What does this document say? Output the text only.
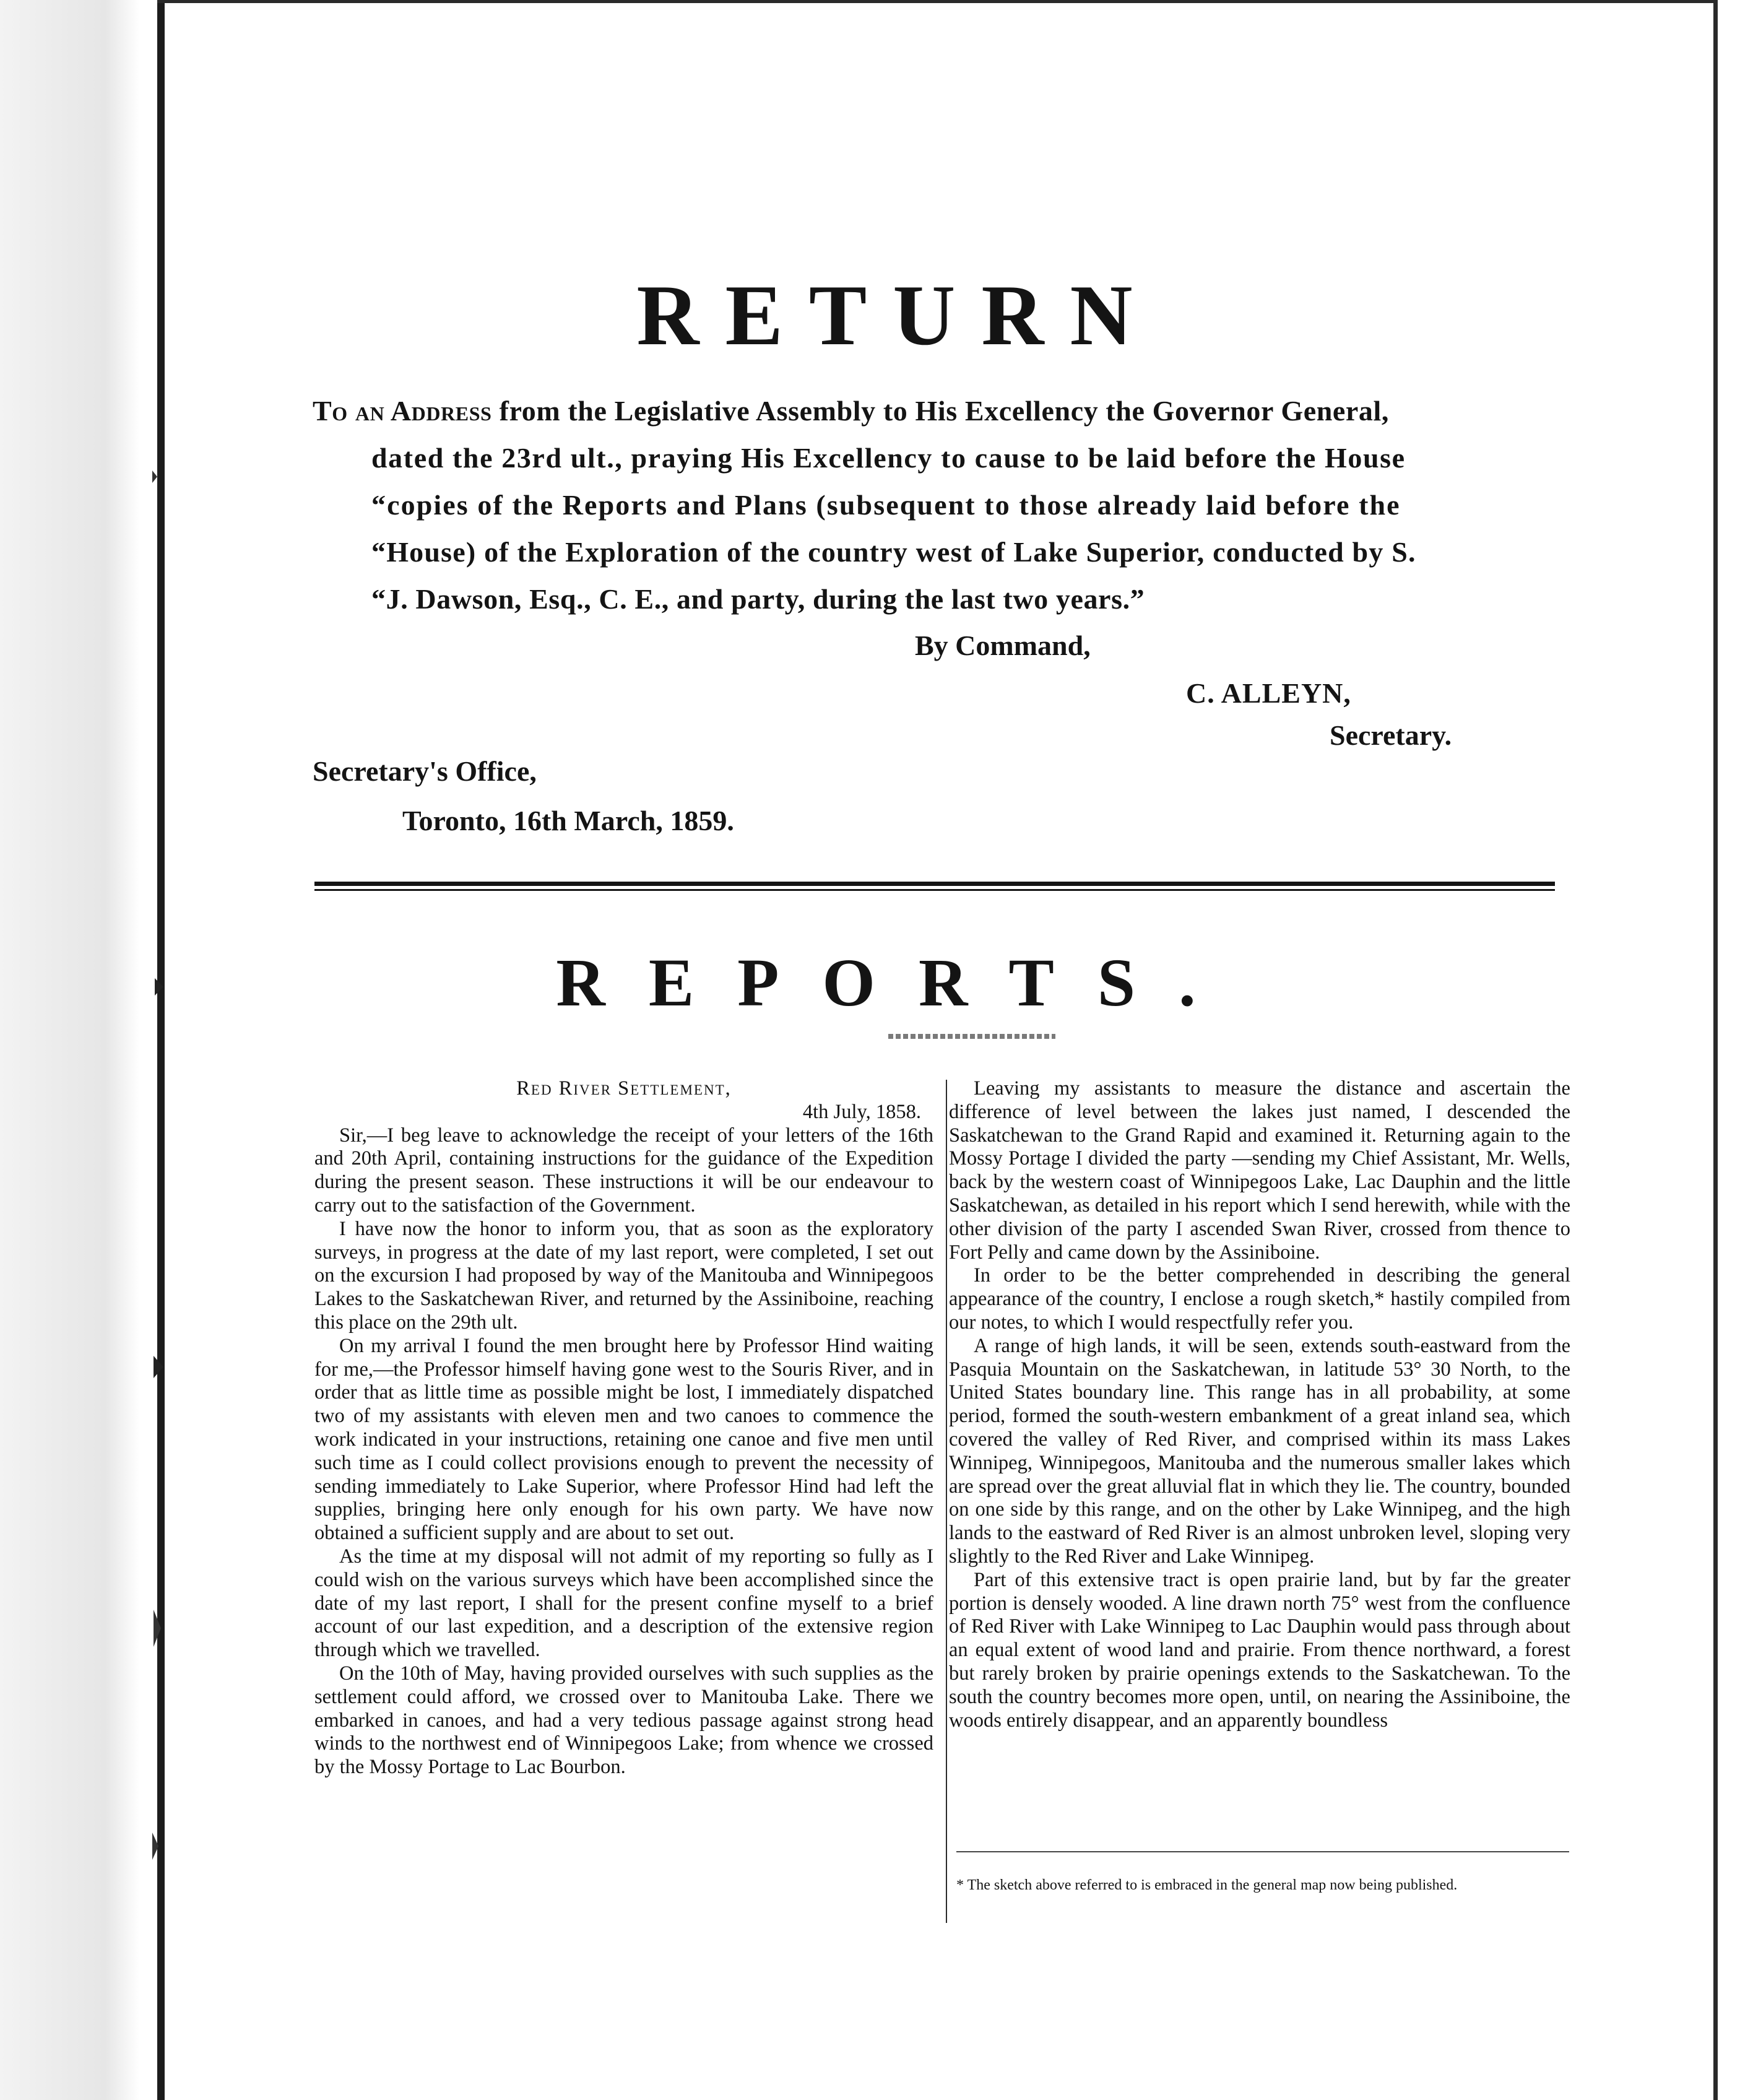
RETURN
To an Address from the Legislative Assembly to His Excellency the Governor General,
dated the 23rd ult., praying His Excellency to cause to be laid before the House
“copies of the Reports and Plans (subsequent to those already laid before the
“House) of the Exploration of the country west of Lake Superior, conducted by S.
“J. Dawson, Esq., C. E., and party, during the last two years.”
By Command,
C. ALLEYN,
Secretary.
Secretary's Office,
Toronto, 16th March, 1859.
REPORTS.

Red River Settlement,

4th July, 1858.

Sir,—I beg leave to acknowledge the receipt of your letters of the 16th and 20th April, containing instructions for the guidance of the Expedition during the present season. These instructions it will be our endeavour to carry out to the satisfaction of the Government.

I have now the honor to inform you, that as soon as the exploratory surveys, in progress at the date of my last report, were completed, I set out on the excursion I had proposed by way of the Manitouba and Winnipegoos Lakes to the Saskatchewan River, and returned by the Assiniboine, reaching this place on the 29th ult.

On my arrival I found the men brought here by Professor Hind waiting for me,—the Professor himself having gone west to the Souris River, and in order that as little time as possible might be lost, I immediately dispatched two of my assistants with eleven men and two canoes to commence the work indicated in your instructions, retaining one canoe and five men until such time as I could collect provisions enough to prevent the necessity of sending immediately to Lake Superior, where Professor Hind had left the supplies, bringing here only enough for his own party. We have now obtained a sufficient supply and are about to set out.

As the time at my disposal will not admit of my reporting so fully as I could wish on the various surveys which have been accomplished since the date of my last report, I shall for the present confine myself to a brief account of our last expedition, and a description of the extensive region through which we travelled.

On the 10th of May, having provided ourselves with such supplies as the settlement could afford, we crossed over to Manitouba Lake. There we embarked in canoes, and had a very tedious passage against strong head winds to the northwest end of Winnipegoos Lake; from whence we crossed by the Mossy Portage to Lac Bourbon.

Leaving my assistants to measure the distance and ascertain the difference of level between the lakes just named, I descended the Saskatchewan to the Grand Rapid and examined it. Returning again to the Mossy Portage I divided the party —sending my Chief Assistant, Mr. Wells, back by the western coast of Winnipegoos Lake, Lac Dauphin and the little Saskatchewan, as detailed in his report which I send herewith, while with the other division of the party I ascended Swan River, crossed from thence to Fort Pelly and came down by the Assiniboine.

In order to be the better comprehended in describing the general appearance of the country, I enclose a rough sketch,* hastily compiled from our notes, to which I would respectfully refer you.

A range of high lands, it will be seen, extends south-eastward from the Pasquia Mountain on the Saskatchewan, in latitude 53° 30 North, to the United States boundary line. This range has in all probability, at some period, formed the south-western embankment of a great inland sea, which covered the valley of Red River, and comprised within its mass Lakes Winnipeg, Winnipegoos, Manitouba and the numerous smaller lakes which are spread over the great alluvial flat in which they lie. The country, bounded on one side by this range, and on the other by Lake Winnipeg, and the high lands to the eastward of Red River is an almost unbroken level, sloping very slightly to the Red River and Lake Winnipeg.

Part of this extensive tract is open prairie land, but by far the greater portion is densely wooded. A line drawn north 75° west from the confluence of Red River with Lake Winnipeg to Lac Dauphin would pass through about an equal extent of wood land and prairie. From thence northward, a forest but rarely broken by prairie openings extends to the Saskatchewan. To the south the country becomes more open, until, on nearing the Assiniboine, the woods entirely disappear, and an apparently boundless

* The sketch above referred to is embraced in the general map now being published.
